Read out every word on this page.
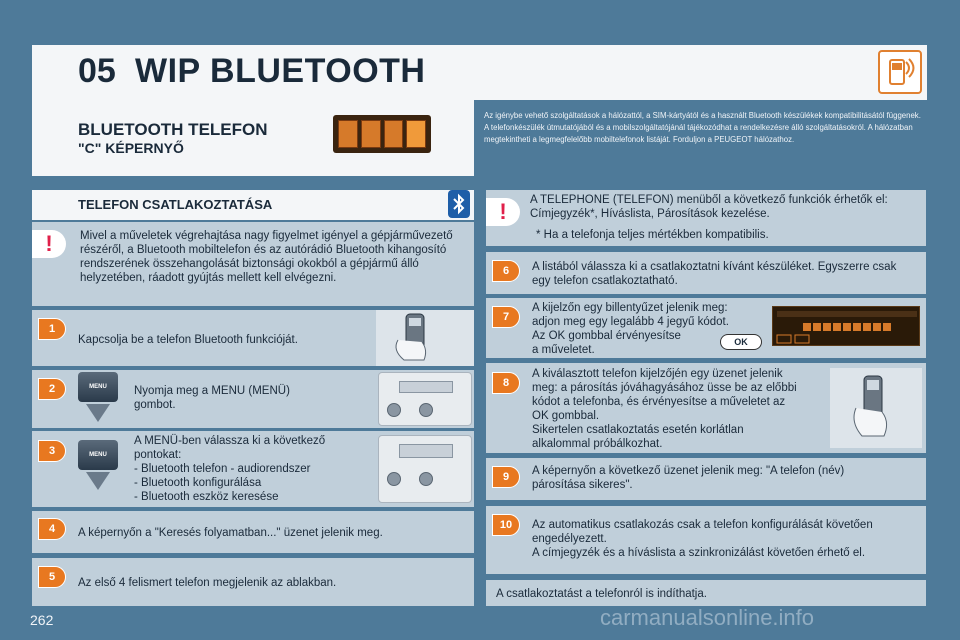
05 WIP BLUETOOTH
BLUETOOTH TELEFON
"C" KÉPERNYŐ
Az igénybe vehető szolgáltatások a hálózattól, a SIM-kártyától és a használt Bluetooth készülékek kompatibilitásától függenek.
A telefonkészülék útmutatójából és a mobilszolgáltatójánál tájékozódhat a rendelkezésre álló szolgáltatásokról. A hálózatban megtekintheti a legmegfelelőbb mobiltelefonok listáját. Forduljon a PEUGEOT hálózathoz.
TELEFON CSATLAKOZTATÁSA
!	Mivel a műveletek végrehajtása nagy figyelmet igényel a gépjárművezető részéről, a Bluetooth mobiltelefon és az autórádió Bluetooth kihangosító rendszerének összehangolását biztonsági okokból a gépjármű álló helyzetében, ráadott gyújtás mellett kell elvégezni.
1
Kapcsolja be a telefon Bluetooth funkcióját.
2	MENU	Nyomja meg a MENU (MENÜ)
gombot.
3	MENU
A MENÜ-ben válassza ki a következő
pontokat:
- Bluetooth telefon - audiorendszer
- Bluetooth konfigurálása
- Bluetooth eszköz keresése
4	A képernyőn a "Keresés folyamatban..." üzenet jelenik meg.
5	Az első 4 felismert telefon megjelenik az ablakban.
!	A TELEPHONE (TELEFON) menüből a következő funkciók érhetők el: Címjegyzék*, Híváslista, Párosítások kezelése.
* Ha a telefonja teljes mértékben kompatibilis.
6	A listából válassza ki a csatlakoztatni kívánt készüléket. Egyszerre csak egy telefon csatlakoztatható.
7
A kijelzőn egy billentyűzet jelenik meg:
adjon meg egy legalább 4 jegyű kódot.
Az OK gombbal érvényesítse
a műveletet.
OK
8
A kiválasztott telefon kijelzőjén egy üzenet jelenik
meg: a párosítás jóváhagyásához üsse be az előbbi
kódot a telefonba, és érvényesítse a műveletet az
OK gombbal.
Sikertelen csatlakoztatás esetén korlátlan
alkalommal próbálkozhat.
9	A képernyőn a következő üzenet jelenik meg: "A telefon (név)
párosítása sikeres".
10	Az automatikus csatlakozás csak a telefon konfigurálását követően
engedélyezett.
A címjegyzék és a híváslista a szinkronizálást követően érhető el.
A csatlakoztatást a telefonról is indíthatja.
262	carmanualsonline.info
